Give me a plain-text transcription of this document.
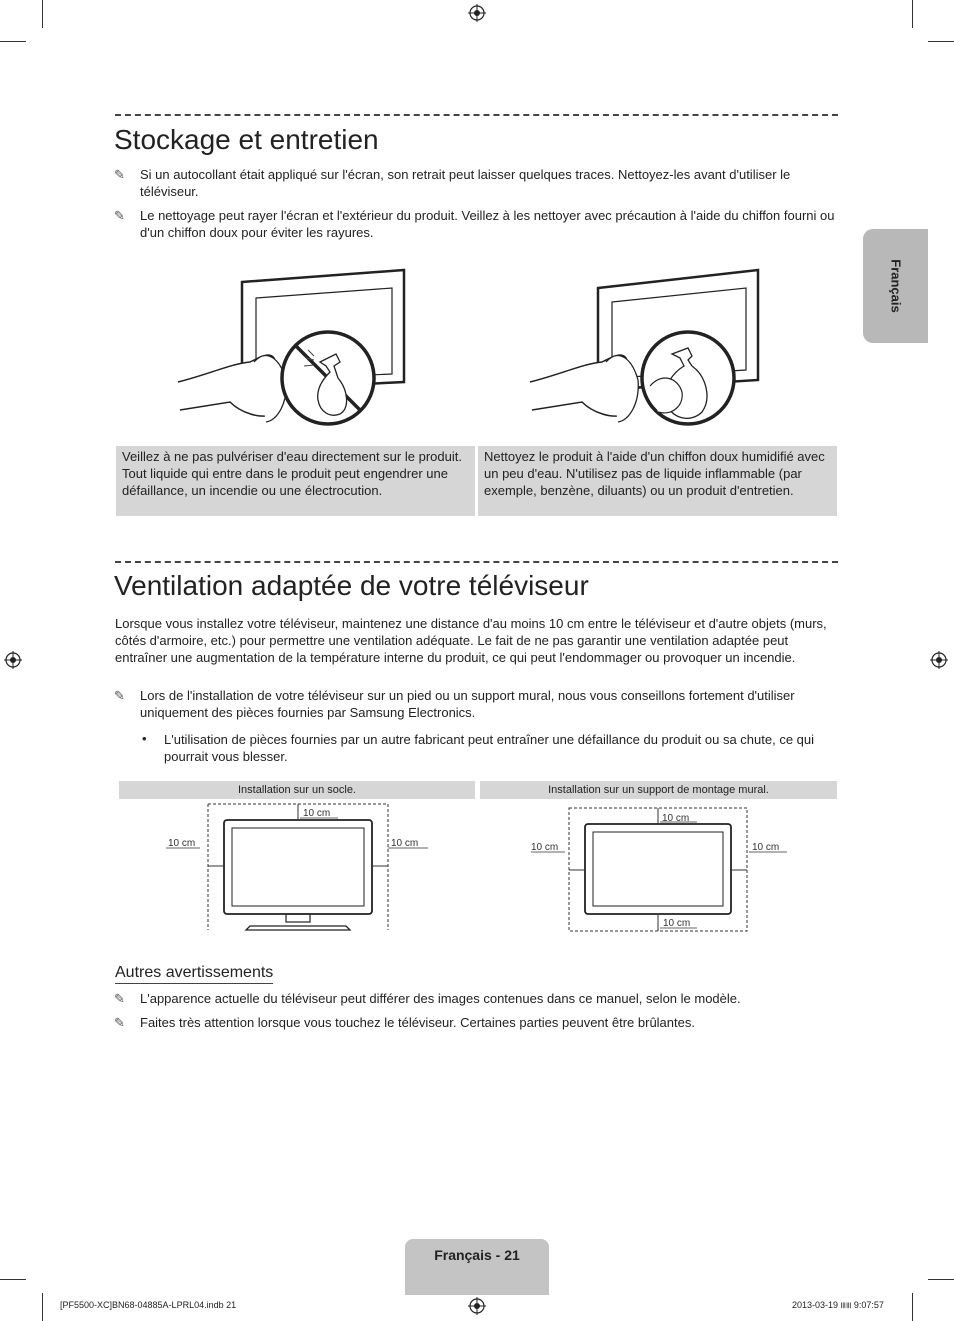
Français
Stockage et entretien
✎	Si un autocollant était appliqué sur l'écran, son retrait peut laisser quelques traces. Nettoyez-les avant d'utiliser le téléviseur.
✎	Le nettoyage peut rayer l'écran et l'extérieur du produit. Veillez à les nettoyer avec précaution à l'aide du chiffon fourni ou d'un chiffon doux pour éviter les rayures.
Veillez à ne pas pulvériser d'eau directement sur le produit. Tout liquide qui entre dans le produit peut engendrer une défaillance, un incendie ou une électrocution.
Nettoyez le produit à l'aide d'un chiffon doux humidifié avec un peu d'eau. N'utilisez pas de liquide inflammable (par exemple, benzène, diluants) ou un produit d'entretien.
Ventilation adaptée de votre téléviseur
Lorsque vous installez votre téléviseur, maintenez une distance d'au moins 10 cm entre le téléviseur et d'autre objets (murs, côtés d'armoire, etc.) pour permettre une ventilation adéquate. Le fait de ne pas garantir une ventilation adaptée peut entraîner une augmentation de la température interne du produit, ce qui peut l'endommager ou provoquer un incendie.
✎	Lors de l'installation de votre téléviseur sur un pied ou un support mural, nous vous conseillons fortement d'utiliser uniquement des pièces fournies par Samsung Electronics.
• L'utilisation de pièces fournies par un autre fabricant peut entraîner une défaillance du produit ou sa chute, ce qui pourrait vous blesser.
Installation sur un socle.	Installation sur un support de montage mural.
10 cm
10 cm	10 cm
10 cm
10 cm
10 cm	10 cm
Autres avertissements
✎	L'apparence actuelle du téléviseur peut différer des images contenues dans ce manuel, selon le modèle.
✎	Faites très attention lorsque vous touchez le téléviseur. Certaines parties peuvent être brûlantes.
Français - 21
[PF5500-XC]BN68-04885A-LPRL04.indb 21	2013-03-19 ꠲꠲ 9:07:57
